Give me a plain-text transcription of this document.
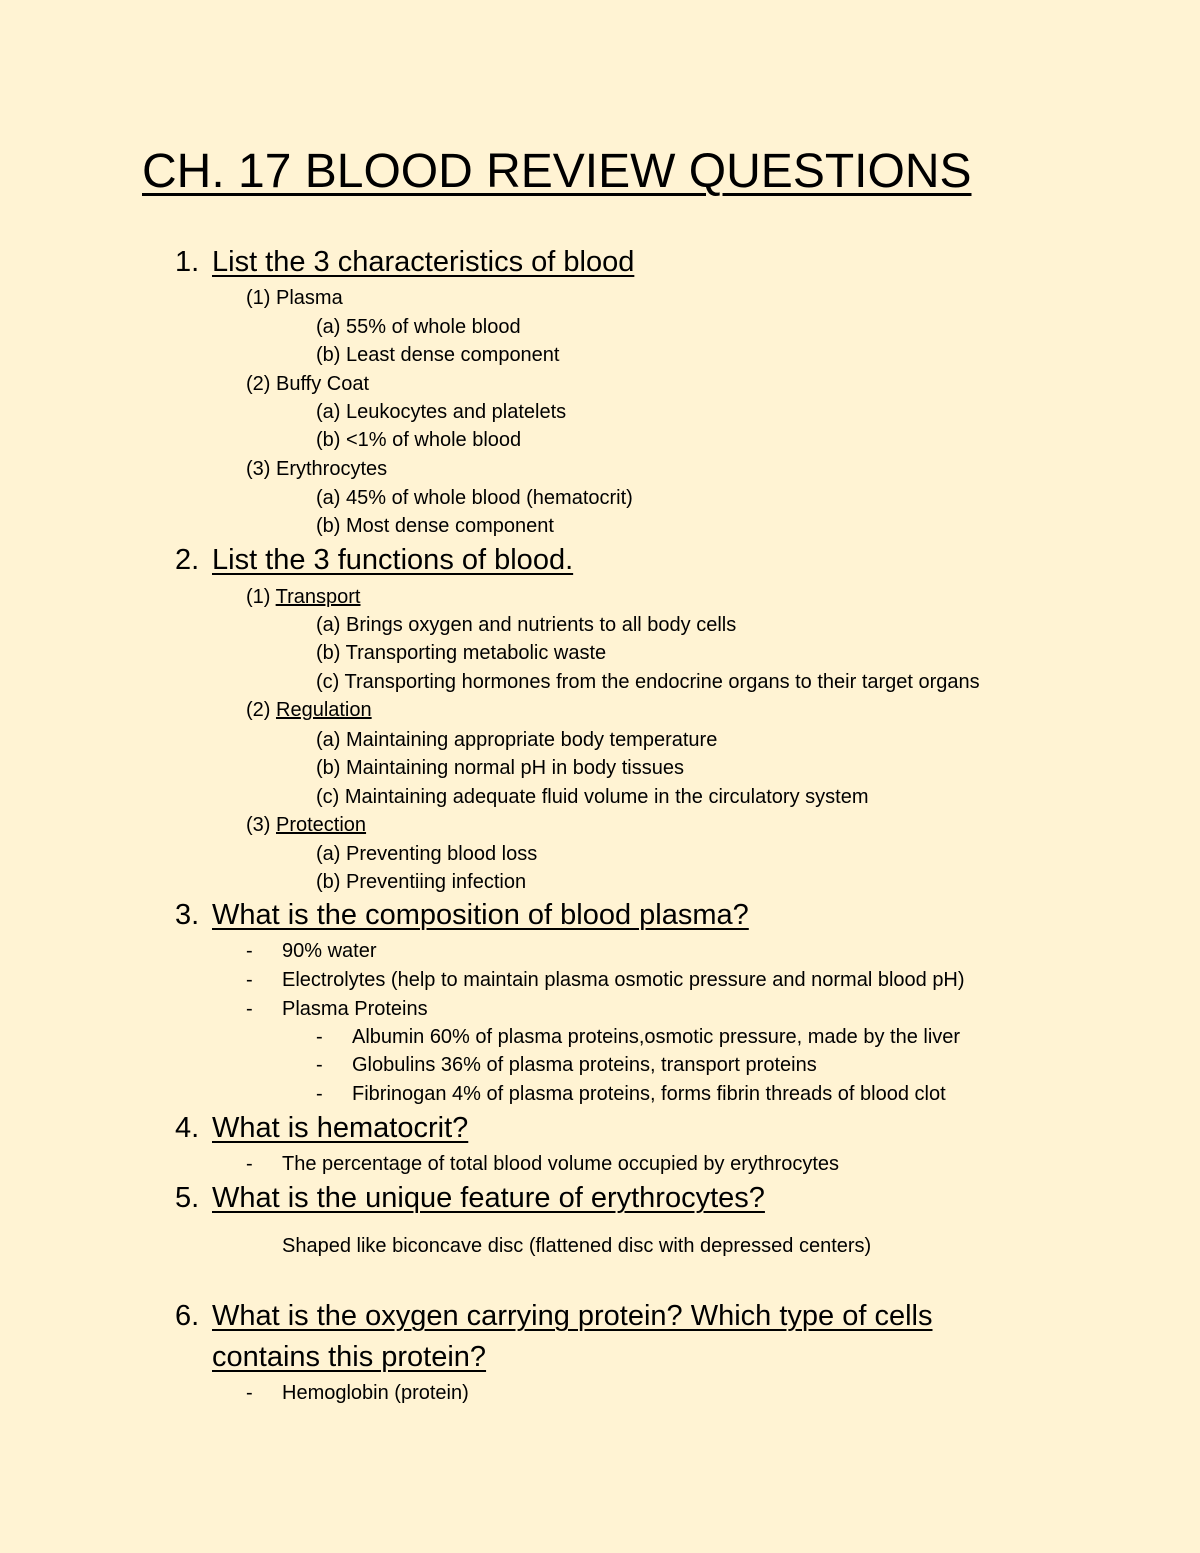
CH. 17 BLOOD REVIEW QUESTIONS
1. List the 3 characteristics of blood
(1) Plasma
(a) 55% of whole blood
(b) Least dense component
(2) Buffy Coat
(a) Leukocytes and platelets
(b) <1% of whole blood
(3) Erythrocytes
(a) 45% of whole blood (hematocrit)
(b) Most dense component
2. List the 3 functions of blood.
(1) Transport
(a) Brings oxygen and nutrients to all body cells
(b) Transporting metabolic waste
(c) Transporting hormones from the endocrine organs to their target organs
(2) Regulation
(a) Maintaining appropriate body temperature
(b) Maintaining normal pH in body tissues
(c) Maintaining adequate fluid volume in the circulatory system
(3) Protection
(a) Preventing blood loss
(b) Preventiing infection
3. What is the composition of blood plasma?
- 90% water
- Electrolytes (help to maintain plasma osmotic pressure and normal blood pH)
- Plasma Proteins
- Albumin 60% of plasma proteins,osmotic pressure, made by the liver
- Globulins 36% of plasma proteins, transport proteins
- Fibrinogan 4% of plasma proteins, forms fibrin threads of blood clot
4. What is hematocrit?
- The percentage of total blood volume occupied by erythrocytes
5. What is the unique feature of erythrocytes?
Shaped like biconcave disc (flattened disc with depressed centers)
6. What is the oxygen carrying protein? Which type of cells
contains this protein?
- Hemoglobin (protein)
